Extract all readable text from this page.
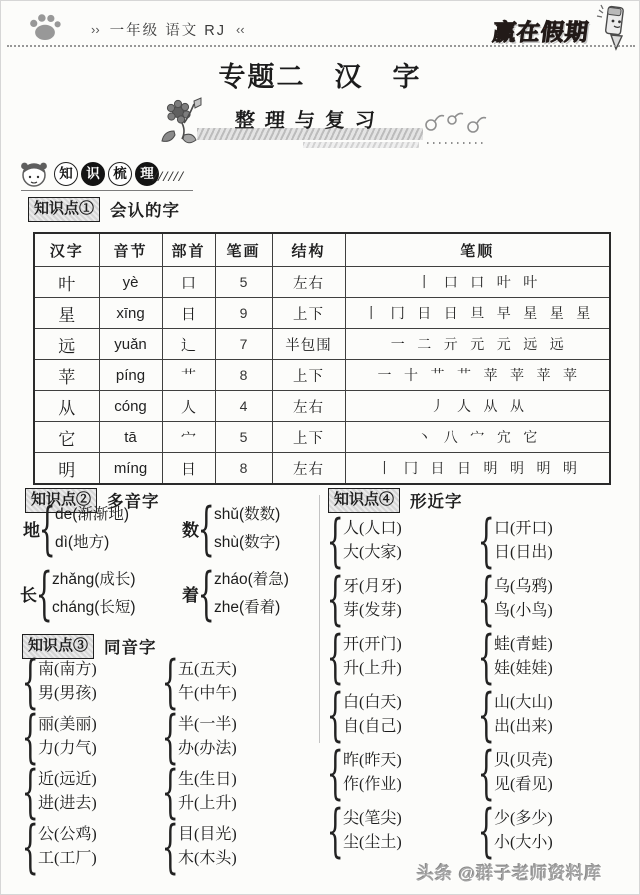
›› 一年级 语文 RJ ‹‹	赢在假期
专题二　汉　字
整理与复习
知	识	梳	理 //////
知识点① 会认的字
汉字	音节	部首	笔画	结构	笔顺
叶	yè	口	5	左右	丨 口 口 叶 叶
星	xīng	日	9	上下	丨 冂 日 日 旦 早 星 星 星
远	yuǎn	辶	7	半包围	一 二 亓 元 元 远 远
苹	píng	艹	8	上下	一 十 艹 艹 苹 苹 苹 苹
从	cóng	人	4	左右	丿 人 从 从
它	tā	宀	5	上下	丶 八 宀 宂 它
明	míng	日	8	左右	丨 冂 日 日 明 明 明 明
知识点② 多音字
地
{
de(渐渐地)
dì(地方)
数
{
shǔ(数数)
shù(数字)
长
{
zhǎng(成长)
cháng(长短)
着
{
zháo(着急)
zhe(看着)
知识点③ 同音字
{
南(南方)
男(男孩)
{
丽(美丽)
力(力气)
{
近(远近)
进(进去)
{
公(公鸡)
工(工厂)
{
五(五天)
午(中午)
{
半(一半)
办(办法)
{
生(生日)
升(上升)
{
目(目光)
木(木头)
知识点④ 形近字
{
人(人口)
大(大家)
{
牙(月牙)
芽(发芽)
{
开(开门)
升(上升)
{
白(白天)
自(自己)
{
昨(昨天)
作(作业)
{
尖(笔尖)
尘(尘土)
{
口(开口)
日(日出)
{
乌(乌鸦)
鸟(小鸟)
{
蛙(青蛙)
娃(娃娃)
{
山(大山)
出(出来)
{
贝(贝壳)
见(看见)
{
少(多少)
小(大小)
头条 @群子老师资料库
